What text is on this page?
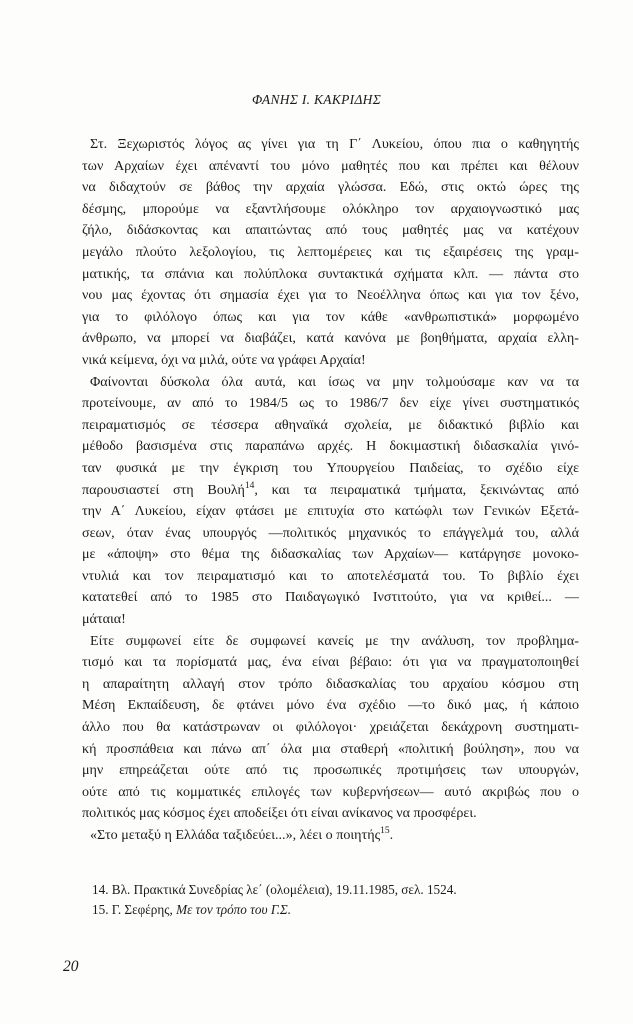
ΦΑΝΗΣ Ι. ΚΑΚΡΙΔΗΣ
Στ. Ξεχωριστός λόγος ας γίνει για τη Γ΄ Λυκείου, όπου πια ο καθηγητής
των Αρχαίων έχει απέναντί του μόνο μαθητές που και πρέπει και θέλουν
να διδαχτούν σε βάθος την αρχαία γλώσσα. Εδώ, στις οκτώ ώρες της
δέσμης, μπορούμε να εξαντλήσουμε ολόκληρο τον αρχαιογνωστικό μας
ζήλο, διδάσκοντας και απαιτώντας από τους μαθητές μας να κατέχουν
μεγάλο πλούτο λεξολογίου, τις λεπτομέρειες και τις εξαιρέσεις της γραμ-
ματικής, τα σπάνια και πολύπλοκα συντακτικά σχήματα κλπ. — πάντα στο
νου μας έχοντας ότι σημασία έχει για το Νεοέλληνα όπως και για τον ξένο,
για το φιλόλογο όπως και για τον κάθε «ανθρωπιστικά» μορφωμένο
άνθρωπο, να μπορεί να διαβάζει, κατά κανόνα με βοηθήματα, αρχαία ελλη-
νικά κείμενα, όχι να μιλά, ούτε να γράφει Αρχαία!
Φαίνονται δύσκολα όλα αυτά, και ίσως να μην τολμούσαμε καν να τα
προτείνουμε, αν από το 1984/5 ως το 1986/7 δεν είχε γίνει συστηματικός
πειραματισμός σε τέσσερα αθηναϊκά σχολεία, με διδακτικό βιβλίο και
μέθοδο βασισμένα στις παραπάνω αρχές. Η δοκιμαστική διδασκαλία γινό-
ταν φυσικά με την έγκριση του Υπουργείου Παιδείας, το σχέδιο είχε
παρουσιαστεί στη Βουλή$^{14}$, και τα πειραματικά τμήματα, ξεκινώντας από
την Α΄ Λυκείου, είχαν φτάσει με επιτυχία στο κατώφλι των Γενικών Εξετά-
σεων, όταν ένας υπουργός —πολιτικός μηχανικός το επάγγελμά του, αλλά
με «άποψη» στο θέμα της διδασκαλίας των Αρχαίων— κατάργησε μονοκο-
ντυλιά και τον πειραματισμό και το αποτελέσματά του. Το βιβλίο έχει
κατατεθεί από το 1985 στο Παιδαγωγικό Ινστιτούτο, για να κριθεί... —
μάταια!
Είτε συμφωνεί είτε δε συμφωνεί κανείς με την ανάλυση, τον προβλημα-
τισμό και τα πορίσματά μας, ένα είναι βέβαιο: ότι για να πραγματοποιηθεί
η απαραίτητη αλλαγή στον τρόπο διδασκαλίας του αρχαίου κόσμου στη
Μέση Εκπαίδευση, δε φτάνει μόνο ένα σχέδιο —το δικό μας, ή κάποιο
άλλο που θα κατάστρωναν οι φιλόλογοι· χρειάζεται δεκάχρονη συστηματι-
κή προσπάθεια και πάνω απ΄ όλα μια σταθερή «πολιτική βούληση», που να
μην επηρεάζεται ούτε από τις προσωπικές προτιμήσεις των υπουργών,
ούτε από τις κομματικές επιλογές των κυβερνήσεων— αυτό ακριβώς που ο
πολιτικός μας κόσμος έχει αποδείξει ότι είναι ανίκανος να προσφέρει.
«Στο μεταξύ η Ελλάδα ταξιδεύει...», λέει ο ποιητής$^{15}$.
14. Βλ. Πρακτικά Συνεδρίας λε΄ (ολομέλεια), 19.11.1985, σελ. 1524.
15. Γ. Σεφέρης, Με τον τρόπο του Γ.Σ.
20
